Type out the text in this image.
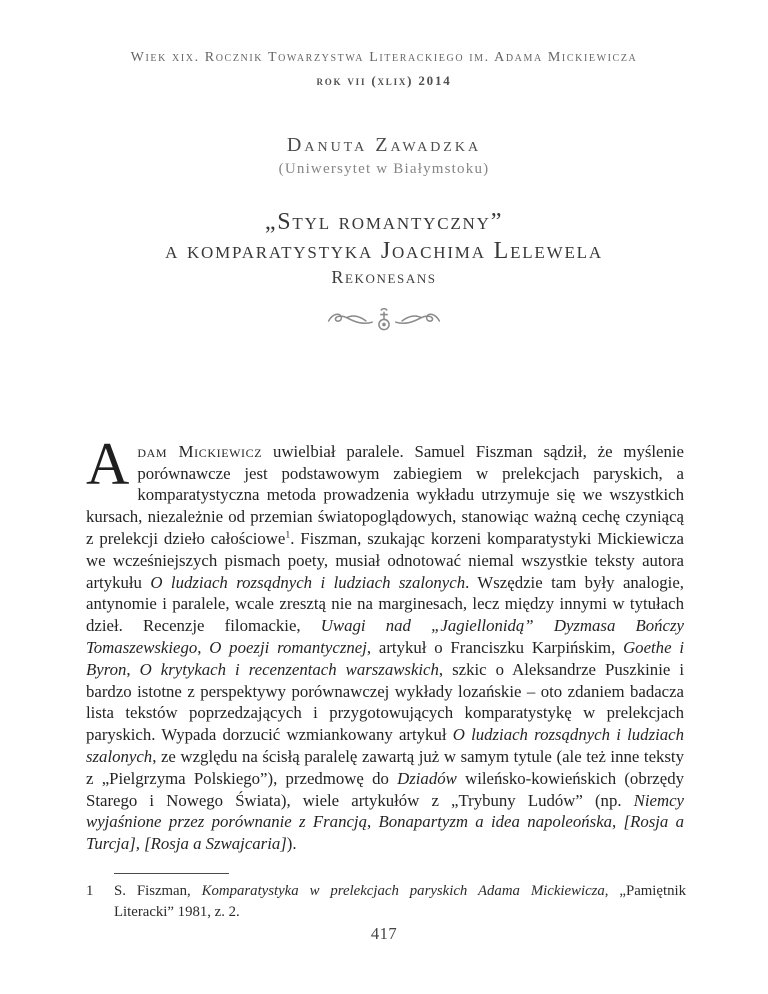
Wiek xix. Rocznik Towarzystwa Literackiego im. Adama Mickiewicza
rok vii (xlix) 2014
Danuta Zawadzka
(Uniwersytet w Białymstoku)
„Styl romantyczny”
a komparatystyka Joachima Lelewela
Rekonesans

Adam Mickiewicz uwielbiał paralele. Samuel Fiszman sądził, że myślenie porównawcze jest podstawowym zabiegiem w prelekcjach paryskich, a komparatystyczna metoda prowadzenia wykładu utrzymuje się we wszystkich kursach, niezależnie od przemian światopoglądowych, stanowiąc ważną cechę czyniącą z prelekcji dzieło całościowe$^1$. Fiszman, szukając korzeni komparatystyki Mickiewicza we wcześniejszych pismach poety, musiał odnotować niemal wszystkie teksty autora artykułu O ludziach rozsądnych i ludziach szalonych. Wszędzie tam były analogie, antynomie i paralele, wcale zresztą nie na marginesach, lecz między innymi w tytułach dzieł. Recenzje filomackie, Uwagi nad „Jagiellonidą” Dyzmasa Bończy Tomaszewskiego, O poezji romantycznej, artykuł o Franciszku Karpińskim, Goethe i Byron, O krytykach i recenzentach warszawskich, szkic o Aleksandrze Puszkinie i bardzo istotne z perspektywy porównawczej wykłady lozańskie – oto zdaniem badacza lista tekstów poprzedzających i przygotowujących komparatystykę w prelekcjach paryskich. Wypada dorzucić wzmiankowany artykuł O ludziach rozsądnych i ludziach szalonych, ze względu na ścisłą paralelę zawartą już w samym tytule (ale też inne teksty z „Pielgrzyma Polskiego”), przedmowę do Dziadów wileńsko-kowieńskich (obrzędy Starego i Nowego Świata), wiele artykułów z „Trybuny Ludów” (np. Niemcy wyjaśnione przez porównanie z Francją, Bonapartyzm a idea napoleońska, [Rosja a Turcja], [Rosja a Szwajcaria]).

1	S. Fiszman, Komparatystyka w prelekcjach paryskich Adama Mickiewicza, „Pamiętnik Literacki” 1981, z. 2.
417
